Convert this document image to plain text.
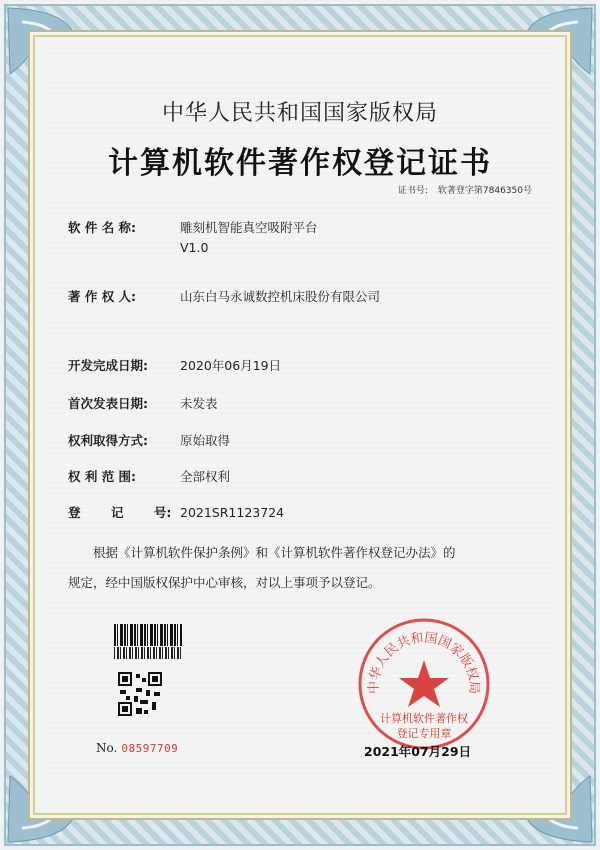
中华人民共和国国家版权局
计算机软件著作权登记证书
证书号: 软著登字第7846350号
软 件 名 称:	雕刻机智能真空吸附平台
V1.0
著 作 权 人:	山东白马永诚数控机床股份有限公司
开发完成日期:	2020年06月19日
首次发表日期:	未发表
权利取得方式:	原始取得
权 利 范 围:	全部权利
登       记       号: 2021SR1123724

根据《计算机软件保护条例》和《计算机软件著作权登记办法》的

规定，经中国版权保护中心审核，对以上事项予以登记。

No. 08597709
中华人民共和国国家版权局
计算机软件著作权
登记专用章
2021年07月29日
